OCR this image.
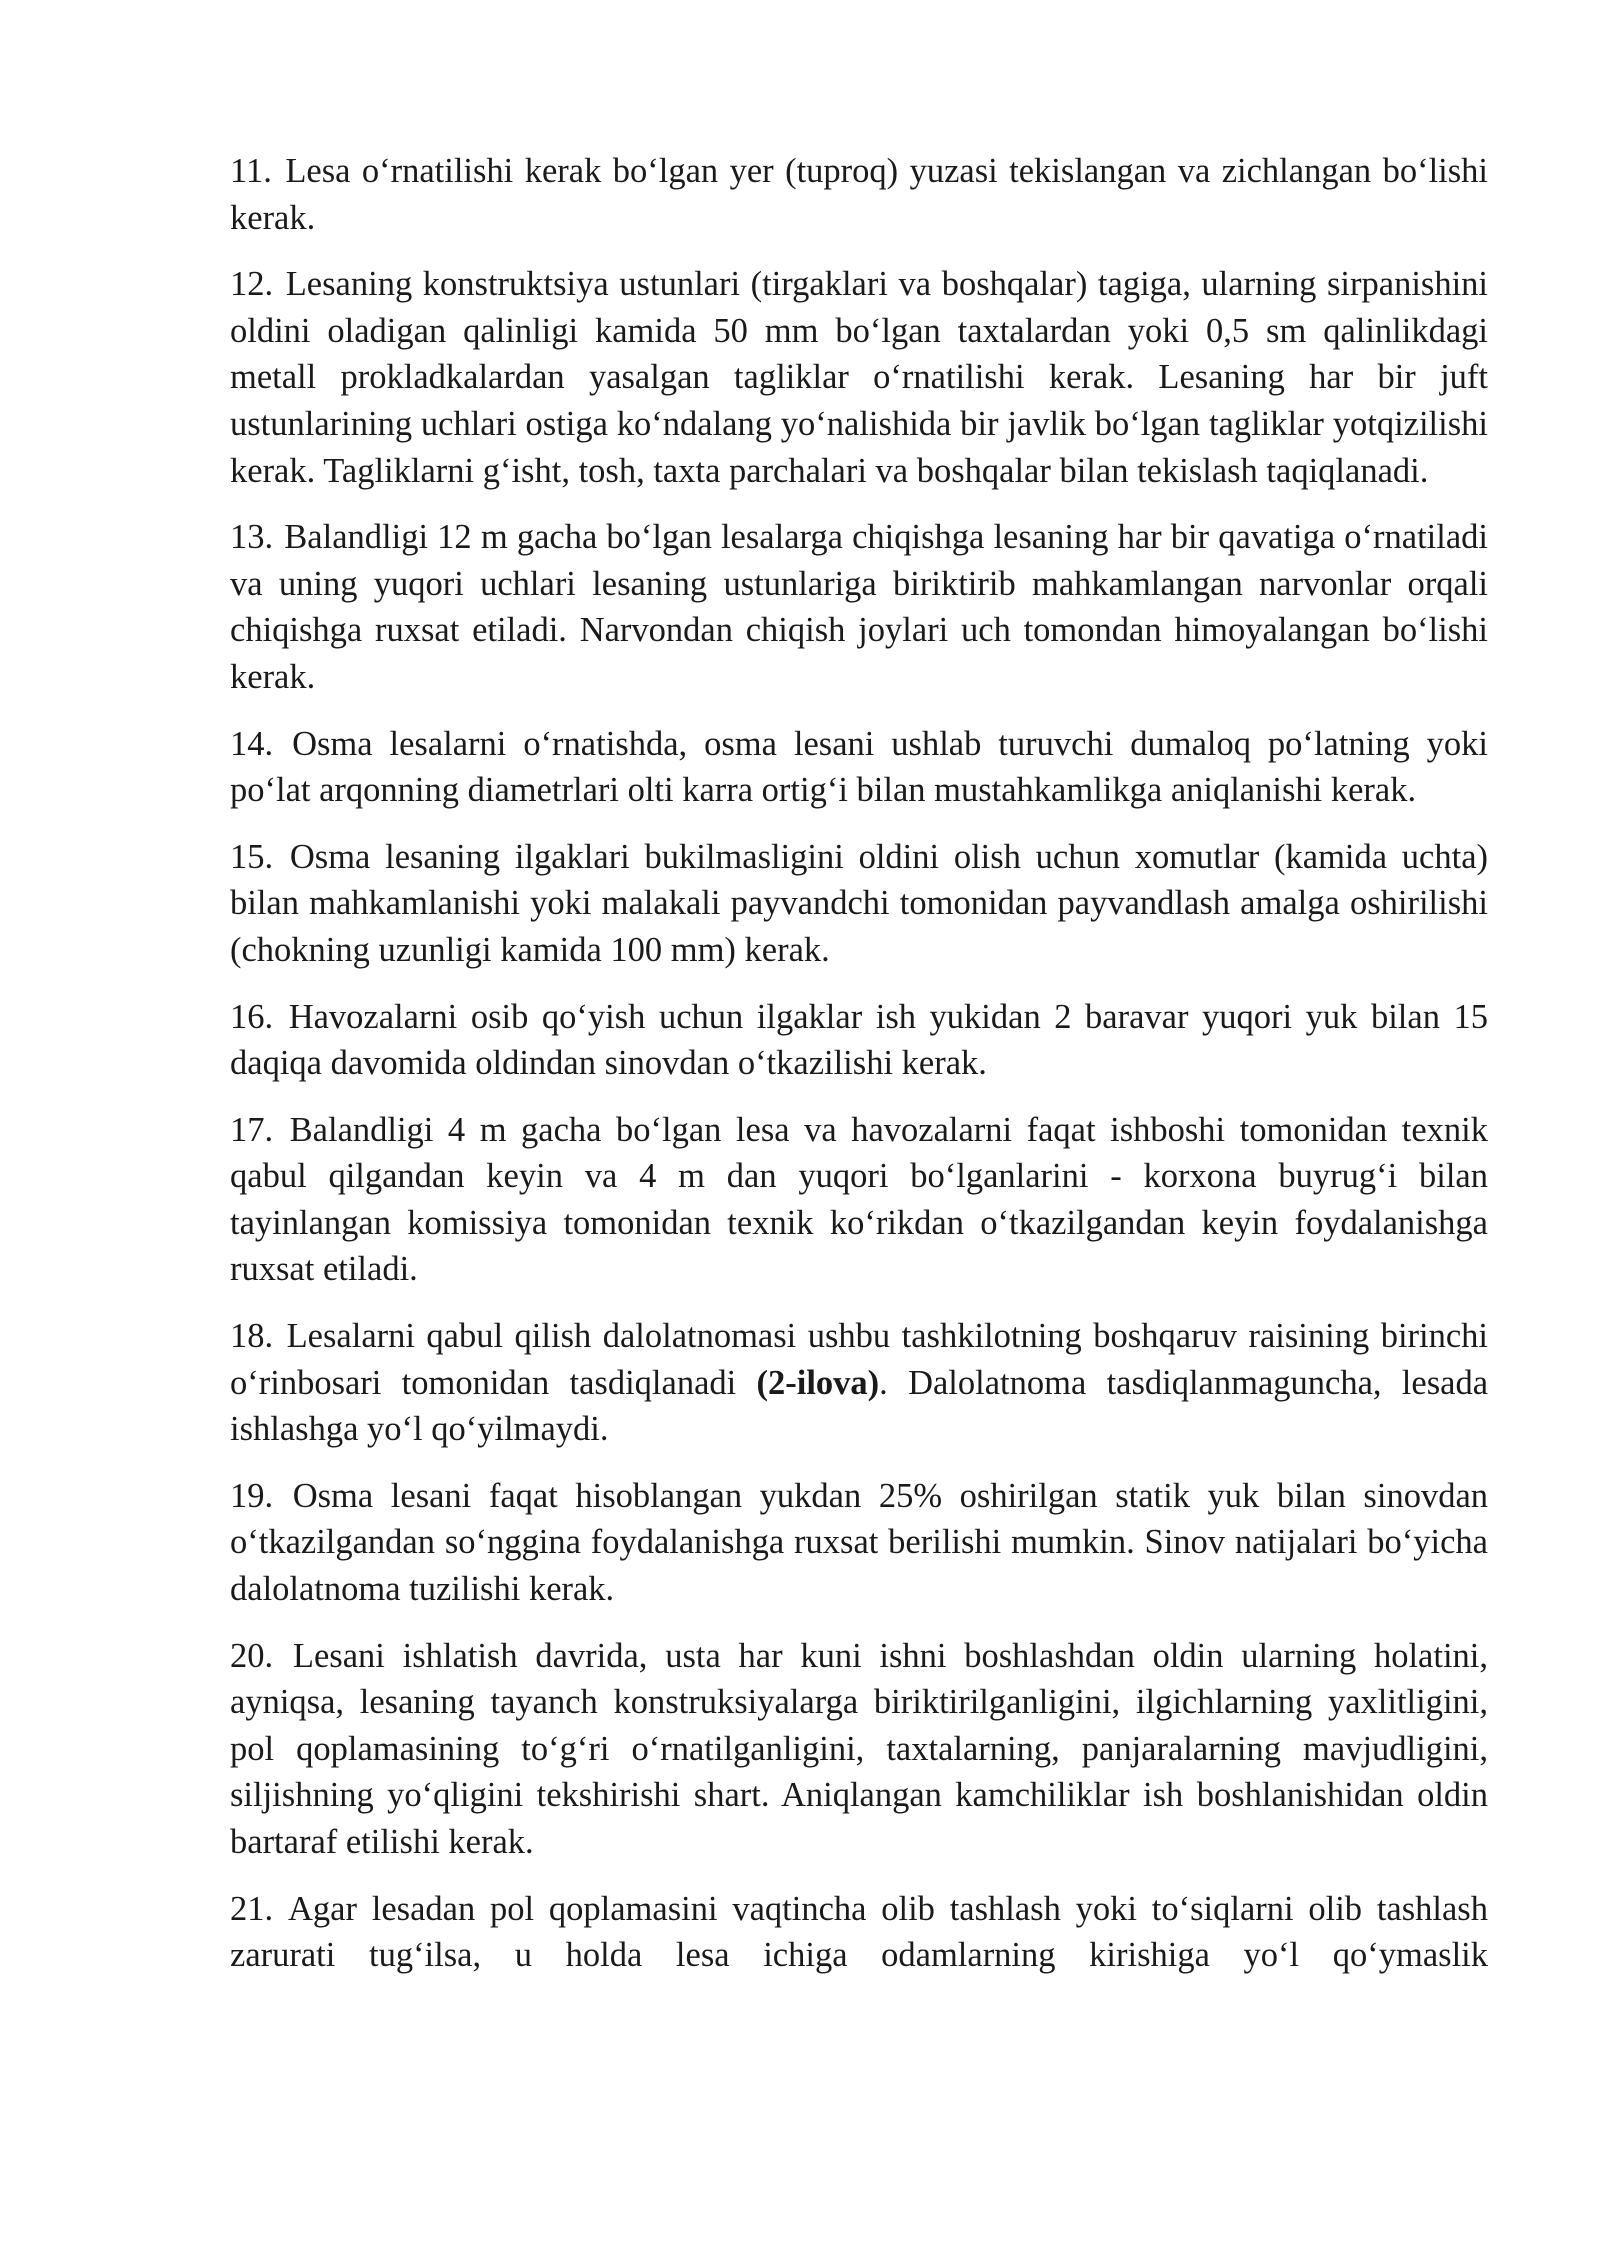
11. Lesa o‘rnatilishi kerak bo‘lgan yer (tuproq) yuzasi tekislangan va zichlangan bo‘lishi kerak.

12. Lesaning konstruktsiya ustunlari (tirgaklari va boshqalar) tagiga, ularning sirpanishini oldini oladigan qalinligi kamida 50 mm bo‘lgan taxtalardan yoki 0,5 sm qalinlikdagi metall prokladkalardan yasalgan tagliklar o‘rnatilishi kerak. Lesaning har bir juft ustunlarining uchlari ostiga ko‘ndalang yo‘nalishida bir javlik bo‘lgan tagliklar yotqizilishi kerak. Tagliklarni g‘isht, tosh, taxta parchalari va boshqalar bilan tekislash taqiqlanadi.

13. Balandligi 12 m gacha bo‘lgan lesalarga chiqishga lesaning har bir qavatiga o‘rnatiladi va uning yuqori uchlari lesaning ustunlariga biriktirib mahkamlangan narvonlar orqali chiqishga ruxsat etiladi. Narvondan chiqish joylari uch tomondan himoyalangan bo‘lishi kerak.

14. Osma lesalarni o‘rnatishda, osma lesani ushlab turuvchi dumaloq po‘latning yoki po‘lat arqonning diametrlari olti karra ortig‘i bilan mustahkamlikga aniqlanishi kerak.

15. Osma lesaning ilgaklari bukilmasligini oldini olish uchun xomutlar (kamida uchta) bilan mahkamlanishi yoki malakali payvandchi tomonidan payvandlash amalga oshirilishi (chokning uzunligi kamida 100 mm) kerak.

16. Havozalarni osib qo‘yish uchun ilgaklar ish yukidan 2 baravar yuqori yuk bilan 15 daqiqa davomida oldindan sinovdan o‘tkazilishi kerak.

17. Balandligi 4 m gacha bo‘lgan lesa va havozalarni faqat ishboshi tomonidan texnik qabul qilgandan keyin va 4 m dan yuqori bo‘lganlarini - korxona buyrug‘i bilan tayinlangan komissiya tomonidan texnik ko‘rikdan o‘tkazilgandan keyin foydalanishga ruxsat etiladi.

18. Lesalarni qabul qilish dalolatnomasi ushbu tashkilotning boshqaruv raisining birinchi o‘rinbosari tomonidan tasdiqlanadi (2-ilova). Dalolatnoma tasdiqlanmaguncha, lesada ishlashga yo‘l qo‘yilmaydi.

19. Osma lesani faqat hisoblangan yukdan 25% oshirilgan statik yuk bilan sinovdan o‘tkazilgandan so‘nggina foydalanishga ruxsat berilishi mumkin. Sinov natijalari bo‘yicha dalolatnoma tuzilishi kerak.

20. Lesani ishlatish davrida, usta har kuni ishni boshlashdan oldin ularning holatini, ayniqsa, lesaning tayanch konstruksiyalarga biriktirilganligini, ilgichlarning yaxlitligini, pol qoplamasining to‘g‘ri o‘rnatilganligini, taxtalarning, panjaralarning mavjudligini, siljishning yo‘qligini tekshirishi shart. Aniqlangan kamchiliklar ish boshlanishidan oldin bartaraf etilishi kerak.

21. Agar lesadan pol qoplamasini vaqtincha olib tashlash yoki to‘siqlarni olib tashlash zarurati tug‘ilsa, u holda lesa ichiga odamlarning kirishiga yo‘l qo‘ymaslik
